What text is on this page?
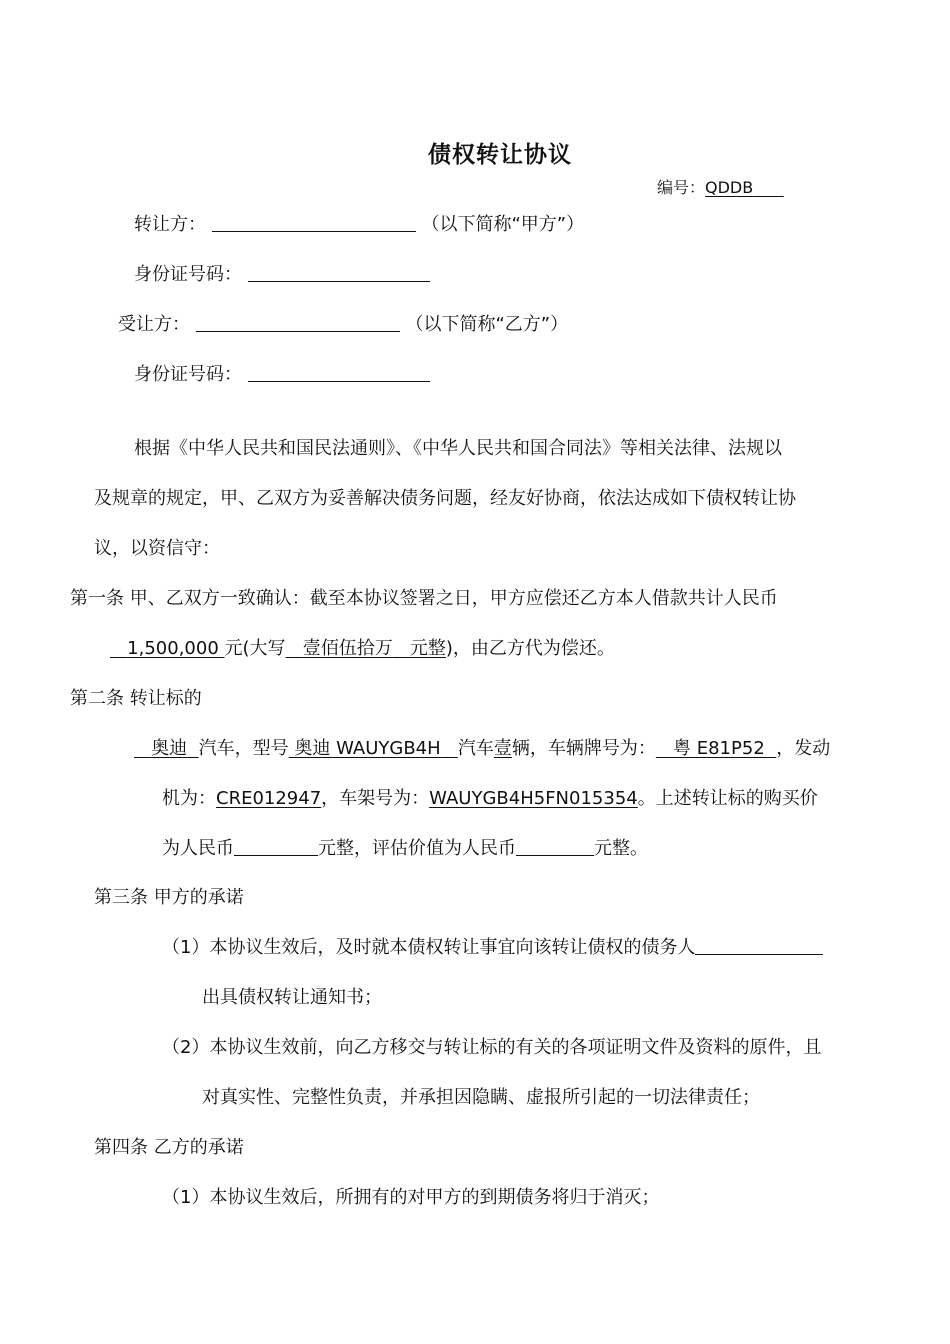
债权转让协议
编号：QDDB
转让方：	（以下简称“甲方”）
身份证号码：
受让方：	（以下简称“乙方”）
身份证号码：
根据《中华人民共和国民法通则》、《中华人民共和国合同法》等相关法律、法规以
及规章的规定，甲、乙双方为妥善解决债务问题，经友好协商，依法达成如下债权转让协
议，以资信守：
第一条 甲、乙双方一致确认：截至本协议签署之日，甲方应偿还乙方本人借款共计人民币
1,500,000 元(大写 壹佰伍拾万 元整)，由乙方代为偿还。
第二条 转让标的
奥迪 汽车，型号 奥迪 WAUYGB4H 汽车壹辆，车辆牌号为： 粤 E81P52 ，发动
机为：CRE012947，车架号为：WAUYGB4H5FN015354。上述转让标的购买价
为人民币	元整，评估价值为人民币	元整。
第三条 甲方的承诺
（1）本协议生效后，及时就本债权转让事宜向该转让债权的债务人
出具债权转让通知书；
（2）本协议生效前，向乙方移交与转让标的有关的各项证明文件及资料的原件，且
对真实性、完整性负责，并承担因隐瞒、虚报所引起的一切法律责任；
第四条 乙方的承诺
（1）本协议生效后，所拥有的对甲方的到期债务将归于消灭；
